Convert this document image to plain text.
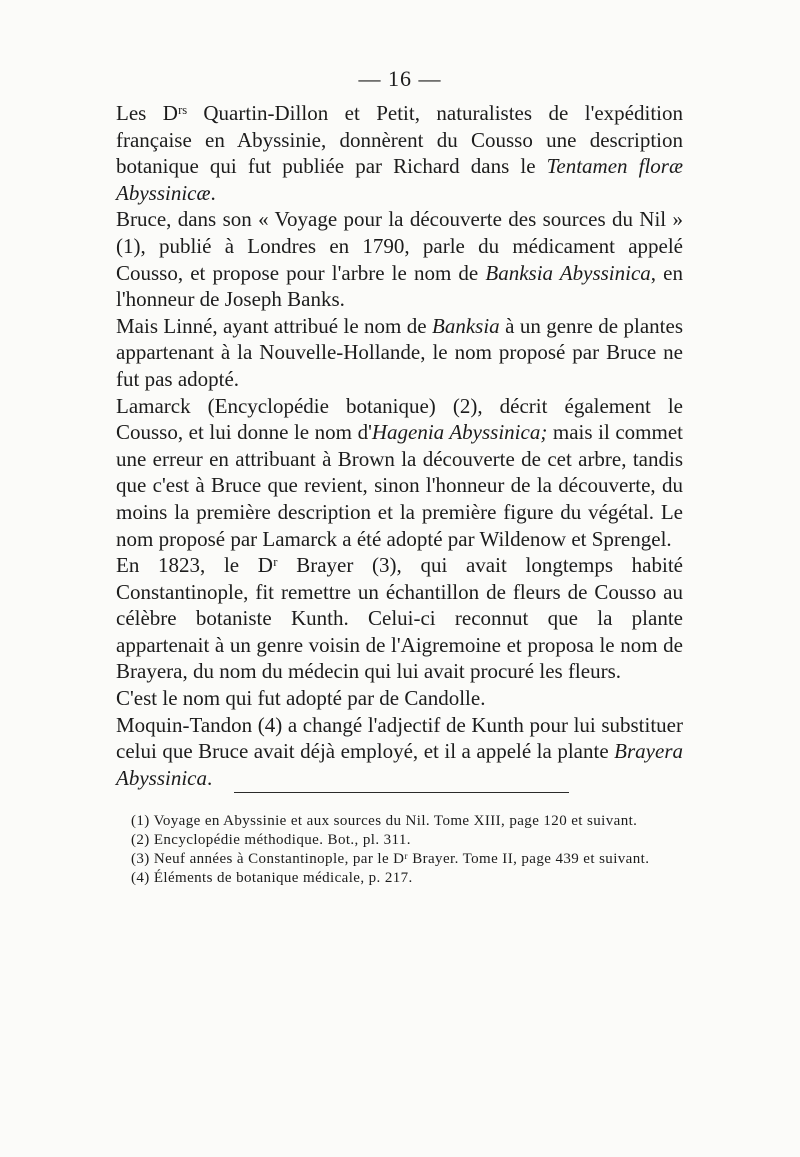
— 16 —

Les Dʳˢ Quartin-Dillon et Petit, naturalistes de l'expédition française en Abyssinie, donnèrent du Cousso une description botanique qui fut publiée par Richard dans le Tentamen floræ Abyssinicæ.

Bruce, dans son « Voyage pour la découverte des sources du Nil » (1), publié à Londres en 1790, parle du médicament appelé Cousso, et propose pour l'arbre le nom de Banksia Abyssinica, en l'honneur de Joseph Banks.

Mais Linné, ayant attribué le nom de Banksia à un genre de plantes appartenant à la Nouvelle-Hollande, le nom proposé par Bruce ne fut pas adopté.

Lamarck (Encyclopédie botanique) (2), décrit également le Cousso, et lui donne le nom d'Hagenia Abyssinica; mais il commet une erreur en attribuant à Brown la découverte de cet arbre, tandis que c'est à Bruce que revient, sinon l'honneur de la découverte, du moins la première description et la première figure du végétal. Le nom proposé par Lamarck a été adopté par Wildenow et Sprengel.

En 1823, le Dʳ Brayer (3), qui avait longtemps habité Constantinople, fit remettre un échantillon de fleurs de Cousso au célèbre botaniste Kunth. Celui-ci reconnut que la plante appartenait à un genre voisin de l'Aigremoine et proposa le nom de Brayera, du nom du médecin qui lui avait procuré les fleurs.

C'est le nom qui fut adopté par de Candolle.

Moquin-Tandon (4) a changé l'adjectif de Kunth pour lui substituer celui que Bruce avait déjà employé, et il a appelé la plante Brayera Abyssinica.

(1) Voyage en Abyssinie et aux sources du Nil. Tome XIII, page 120 et suivant.

(2) Encyclopédie méthodique. Bot., pl. 311.

(3) Neuf années à Constantinople, par le Dʳ Brayer. Tome II, page 439 et suivant.

(4) Éléments de botanique médicale, p. 217.
